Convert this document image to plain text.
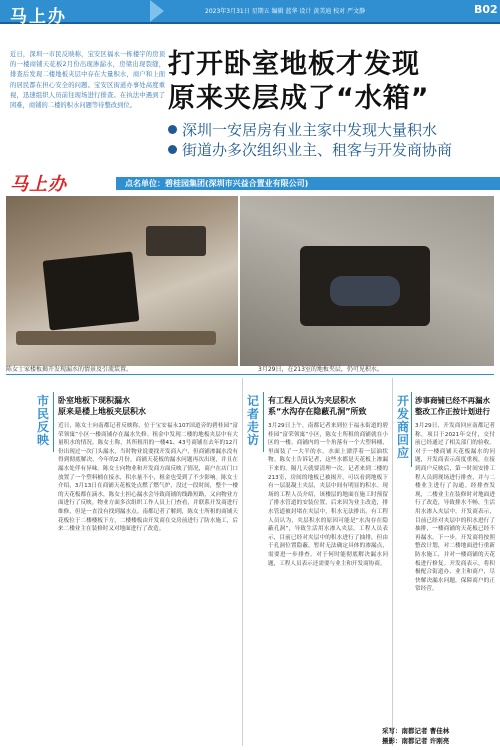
马上办	2023年3月31日 星期五 编辑 蓝华 设计 黄美迪 校对 严文静	B02
近日，深圳一市民反映称，宝安区福永一栋楼宇的房顶的一楼商铺天花板2月份出现渗漏水，房梁出现裂缝，排查后发现二楼地板夹层中存在大量积水，商户和上面的居民都在担心安全的问题。宝安区街道办事处高度重视，迅速组织人员前往现场进行排查。在执法中遇到了困难，商铺的二楼的积水问题等待整改到位。
打开卧室地板才发现
原来夹层成了“水箱”
深圳一安居房有业主家中发现大量积水
街道办多次组织业主、租客与开发商协商
马上办	点名单位：碧桂园集团(深圳市兴益合置业有限公司)
陈女士家楼板揭开发现漏水的情景及引流装置。	3月29日，在213室的地板夹层，仍可见积水。
市民反映
卧室地板下现积漏水
原来是楼上地板夹层积水
近日，陈女士向南都记者反映称，位于宝安福永107国道旁的碧桂园“富荣领寓”小区一楼商铺存在漏水失修。租金中发现二楼的地板夹层中有大量积水的情况。陈女士称，其所租用的一楼41、43号商铺在去年的12月份出现过一次门头漏水，当时物业说要找开发商入户，但商铺渗漏水没有得到彻底解决。今年的2月份，商铺天花板的漏水问题再次出现，并且在漏水处伴有异味。陈女士向物业和开发商方面反映了情况，商户在店门口放置了一个塑料桶在接水，积水量不小，租金也受到了不少影响。陈女士介绍，3月13日在商铺天花板处点燃了燃气炉，没过一段时间，整个一楼的天花板都在滴水，陈女士担心漏水会导致商铺的线路短路，又向物业方面进行了反映。物业方面多次组织工作人员上门查看，并联系开发商进行维修，但是一直没有找到漏水点。南都记者了解到，陈女士所租的商铺天花板位于二楼楼板下方，二楼楼板由开发商在交房前进行了防水施工，后来二楼业主在装修时又对地面进行了改造。
记者走访
有工程人员认为夹层积水
系“水沟存在隐蔽孔洞”所致
3月29日上午，南都记者来到位于福永街道的碧桂园“富荣领寓”小区，陈女士所租的商铺就在小区的一楼。商铺内的一个角落有一个大塑料桶，里面装了一大半的水，水面上漂浮着一层油状物。陈女士告诉记者，这些水都是天花板上渗漏下来的，隔几天就要清理一次。记者来到二楼的213室，房间的地板已被揭开，可以看到地板下有一层混凝土夹层，夹层中间有明显的积水。现场的工程人员介绍，该楼层的地面在施工时预留了排水管道的安装位置，后来因为业主改造，排水管道被封堵在夹层中，积水无法排出。有工程人员认为，夹层积水的原因可能是“水沟存在隐蔽孔洞”，导致生活用水渗入夹层。工程人员表示，目前已经对夹层中的积水进行了抽排，但由于孔洞位置隐蔽，暂时无法确定具体的渗漏点，需要进一步排查。对于何时能彻底解决漏水问题，工程人员表示还需要与业主和开发商协商。
开发商回应
涉事商铺已经不再漏水
整改工作正按计划进行
3月29日，开发商回应南都记者称，项目于2021年交付，交付前已经通过了相关部门的验收。对于一楼商铺天花板漏水的问题，开发商表示高度重视，在接到商户反映后，第一时间安排工程人员到现场进行排查，并与二楼业主进行了沟通。经排查发现，二楼业主在装修时对地面进行了改造，导致排水不畅，生活用水渗入夹层中。开发商表示，目前已经对夹层中的积水进行了抽排，一楼商铺的天花板已经不再漏水。下一步，开发商将按照整改计划，对二楼地面进行重新防水施工，并对一楼商铺的天花板进行修复。开发商表示，将积极配合街道办、业主和商户，尽快解决漏水问题，保障商户的正常经营。
采写：南都记者 曹佳林
摄影：南都记者 许刚亮
